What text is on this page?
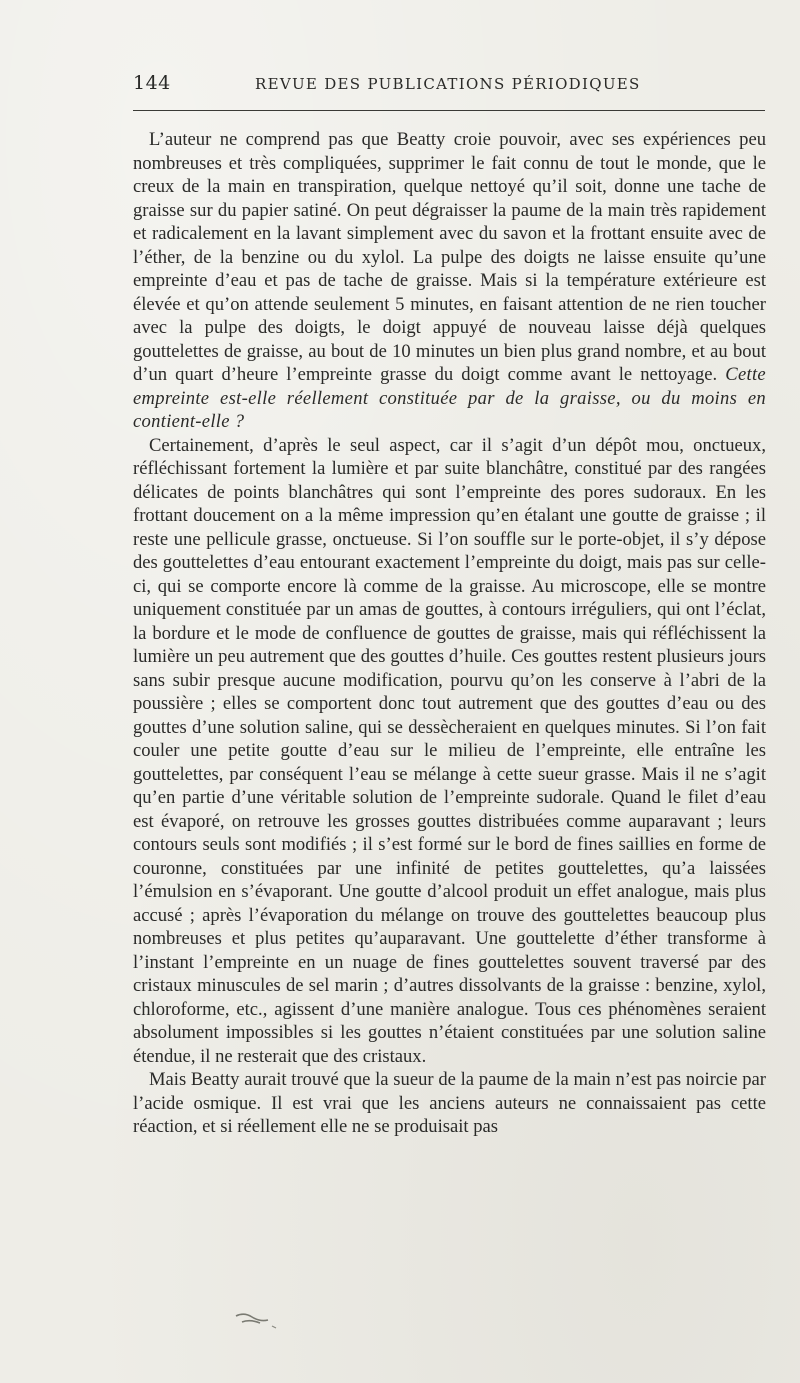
144	REVUE DES PUBLICATIONS PÉRIODIQUES

L’auteur ne comprend pas que Beatty croie pouvoir, avec ses expériences peu nombreuses et très compliquées, supprimer le fait connu de tout le monde, que le creux de la main en transpiration, quelque nettoyé qu’il soit, donne une tache de graisse sur du papier satiné. On peut dégraisser la paume de la main très rapidement et radicalement en la lavant simplement avec du savon et la frottant ensuite avec de l’éther, de la benzine ou du xylol. La pulpe des doigts ne laisse ensuite qu’une empreinte d’eau et pas de tache de graisse. Mais si la température extérieure est élevée et qu’on attende seulement 5 minutes, en faisant attention de ne rien toucher avec la pulpe des doigts, le doigt appuyé de nouveau laisse déjà quelques gouttelettes de graisse, au bout de 10 minutes un bien plus grand nombre, et au bout d’un quart d’heure l’empreinte grasse du doigt comme avant le nettoyage. Cette empreinte est-elle réellement constituée par de la graisse, ou du moins en contient-elle ?

Certainement, d’après le seul aspect, car il s’agit d’un dépôt mou, onctueux, réfléchissant fortement la lumière et par suite blanchâtre, constitué par des rangées délicates de points blanchâtres qui sont l’empreinte des pores sudoraux. En les frottant doucement on a la même impression qu’en étalant une goutte de graisse ; il reste une pellicule grasse, onctueuse. Si l’on souffle sur le porte-objet, il s’y dépose des gouttelettes d’eau entourant exactement l’empreinte du doigt, mais pas sur celle-ci, qui se comporte encore là comme de la graisse. Au microscope, elle se montre uniquement constituée par un amas de gouttes, à contours irréguliers, qui ont l’éclat, la bordure et le mode de confluence de gouttes de graisse, mais qui réfléchissent la lumière un peu autrement que des gouttes d’huile. Ces gouttes restent plusieurs jours sans subir presque aucune modification, pourvu qu’on les conserve à l’abri de la poussière ; elles se comportent donc tout autrement que des gouttes d’eau ou des gouttes d’une solution saline, qui se dessècheraient en quelques minutes. Si l’on fait couler une petite goutte d’eau sur le milieu de l’empreinte, elle entraîne les gouttelettes, par conséquent l’eau se mélange à cette sueur grasse. Mais il ne s’agit qu’en partie d’une véritable solution de l’empreinte sudorale. Quand le filet d’eau est évaporé, on retrouve les grosses gouttes distribuées comme auparavant ; leurs contours seuls sont modifiés ; il s’est formé sur le bord de fines saillies en forme de couronne, constituées par une infinité de petites gouttelettes, qu’a laissées l’émulsion en s’évaporant. Une goutte d’alcool produit un effet analogue, mais plus accusé ; après l’évaporation du mélange on trouve des gouttelettes beaucoup plus nombreuses et plus petites qu’auparavant. Une gouttelette d’éther transforme à l’instant l’empreinte en un nuage de fines gouttelettes souvent traversé par des cristaux minuscules de sel marin ; d’autres dissolvants de la graisse : benzine, xylol, chloroforme, etc., agissent d’une manière analogue. Tous ces phénomènes seraient absolument impossibles si les gouttes n’étaient constituées par une solution saline étendue, il ne resterait que des cristaux.

Mais Beatty aurait trouvé que la sueur de la paume de la main n’est pas noircie par l’acide osmique. Il est vrai que les anciens auteurs ne connaissaient pas cette réaction, et si réellement elle ne se produisait pas
